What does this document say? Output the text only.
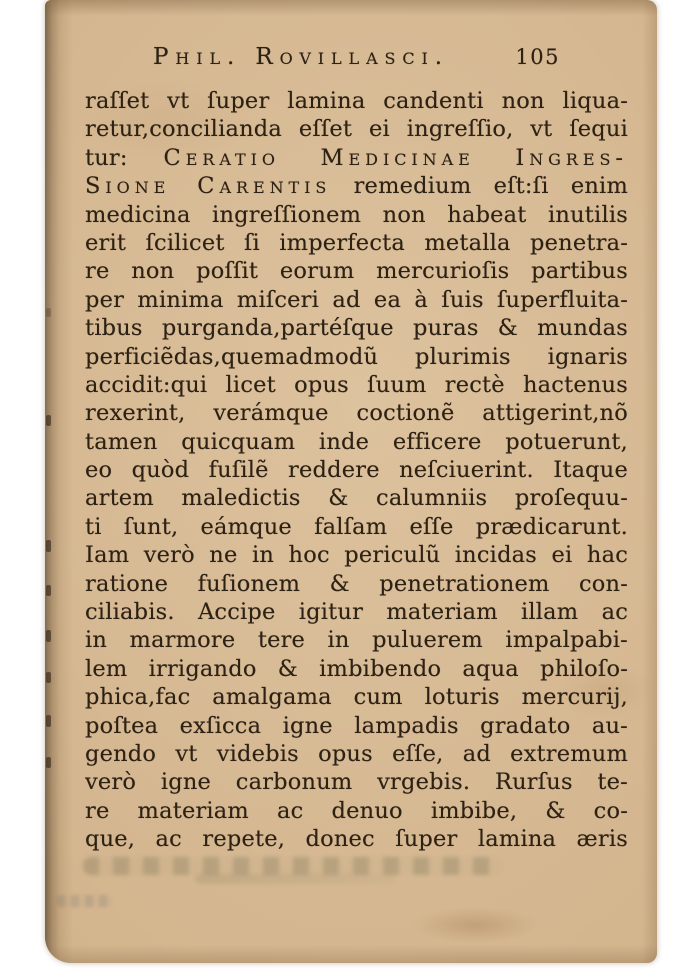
Phil. Rovillasci.	105
raſſet vt ſuper lamina candenti non liqua-
retur,concilianda eſſet ei ingreſſio, vt ſequi
tur: Ceratio Medicinae Ingres-
Sione Carentis remedium eſt:ſi enim
medicina ingreſſionem non habeat inutilis
erit ſcilicet ſi imperfecta metalla penetra-
re non poſſit eorum mercurioſis partibus
per minima miſceri ad ea à ſuis ſuperfluita-
tibus purganda,partéſque puras & mundas
perficiẽdas,quemadmodũ plurimis ignaris
accidit:qui licet opus ſuum rectè hactenus
rexerint, verámque coctionẽ attigerint,nõ
tamen quicquam inde efficere potuerunt,
eo quòd fuſilẽ reddere neſciuerint. Itaque
artem maledictis & calumniis proſequu-
ti ſunt, eámque falſam eſſe prædicarunt.
Iam verò ne in hoc periculũ incidas ei hac
ratione fuſionem & penetrationem con-
ciliabis. Accipe igitur materiam illam ac
in marmore tere in puluerem impalpabi-
lem irrigando & imbibendo aqua philoſo-
phica,fac amalgama cum loturis mercurij,
poſtea exſicca igne lampadis gradato au-
gendo vt videbis opus eſſe, ad extremum
verò igne carbonum vrgebis. Rurſus te-
re materiam ac denuo imbibe, & co-
que, ac repete, donec ſuper lamina æris
